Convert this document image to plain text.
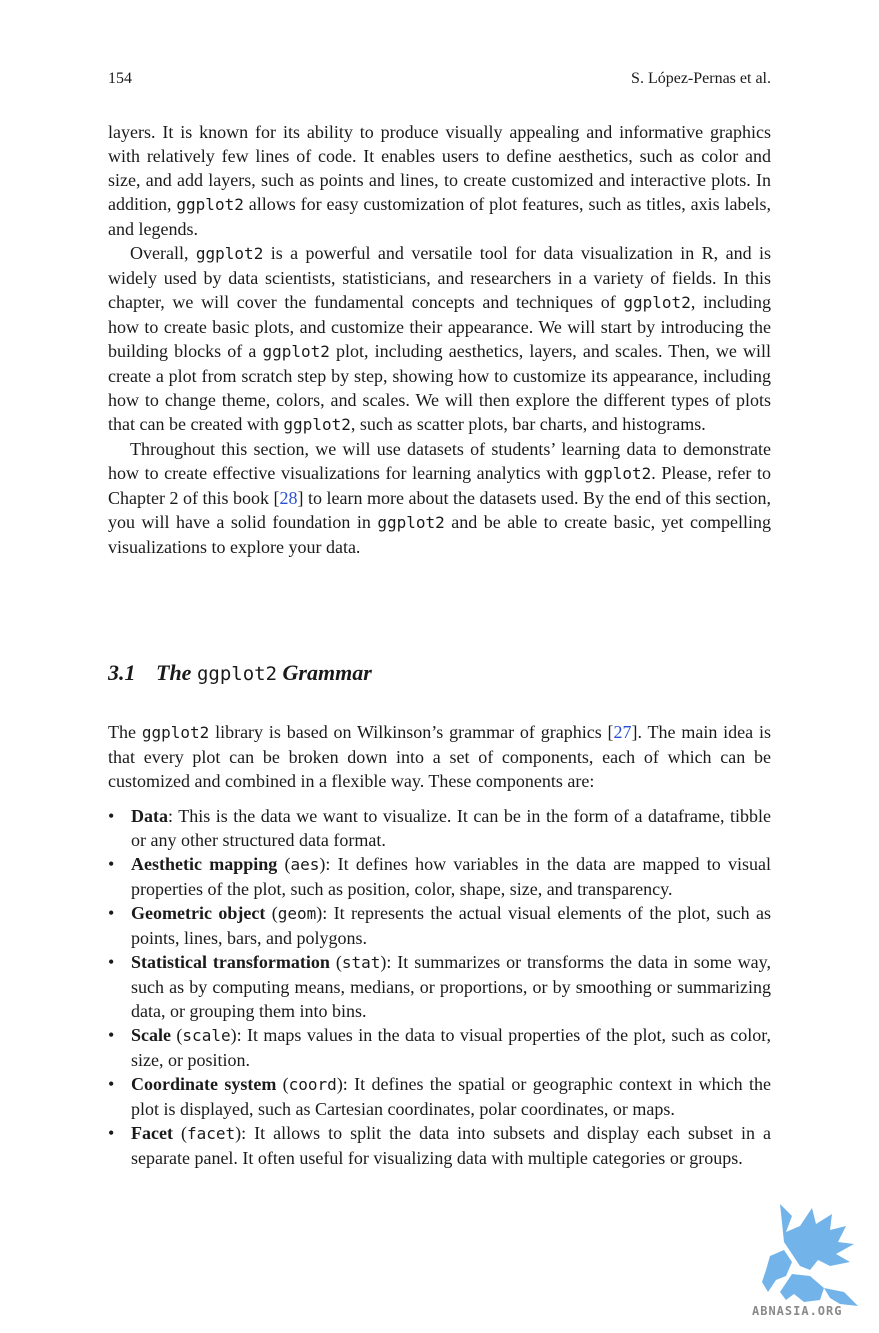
154	S. López-Pernas et al.

layers. It is known for its ability to produce visually appealing and informative graphics with relatively few lines of code. It enables users to define aesthetics, such as color and size, and add layers, such as points and lines, to create customized and interactive plots. In addition, ggplot2 allows for easy customization of plot features, such as titles, axis labels, and legends.

Overall, ggplot2 is a powerful and versatile tool for data visualization in R, and is widely used by data scientists, statisticians, and researchers in a variety of fields. In this chapter, we will cover the fundamental concepts and techniques of ggplot2, including how to create basic plots, and customize their appearance. We will start by introducing the building blocks of a ggplot2 plot, including aesthetics, layers, and scales. Then, we will create a plot from scratch step by step, showing how to customize its appearance, including how to change theme, colors, and scales. We will then explore the different types of plots that can be created with ggplot2, such as scatter plots, bar charts, and histograms.

Throughout this section, we will use datasets of students’ learning data to demonstrate how to create effective visualizations for learning analytics with ggplot2. Please, refer to Chapter 2 of this book [28] to learn more about the datasets used. By the end of this section, you will have a solid foundation in ggplot2 and be able to create basic, yet compelling visualizations to explore your data.

3.1 The ggplot2 Grammar

The ggplot2 library is based on Wilkinson’s grammar of graphics [27]. The main idea is that every plot can be broken down into a set of components, each of which can be customized and combined in a flexible way. These components are:

• Data: This is the data we want to visualize. It can be in the form of a dataframe, tibble or any other structured data format.
• Aesthetic mapping (aes): It defines how variables in the data are mapped to visual properties of the plot, such as position, color, shape, size, and transparency.
• Geometric object (geom): It represents the actual visual elements of the plot, such as points, lines, bars, and polygons.
• Statistical transformation (stat): It summarizes or transforms the data in some way, such as by computing means, medians, or proportions, or by smoothing or summarizing data, or grouping them into bins.
• Scale (scale): It maps values in the data to visual properties of the plot, such as color, size, or position.
• Coordinate system (coord): It defines the spatial or geographic context in which the plot is displayed, such as Cartesian coordinates, polar coordinates, or maps.
• Facet (facet): It allows to split the data into subsets and display each subset in a separate panel. It often useful for visualizing data with multiple categories or groups.
ABNASIA.ORG
